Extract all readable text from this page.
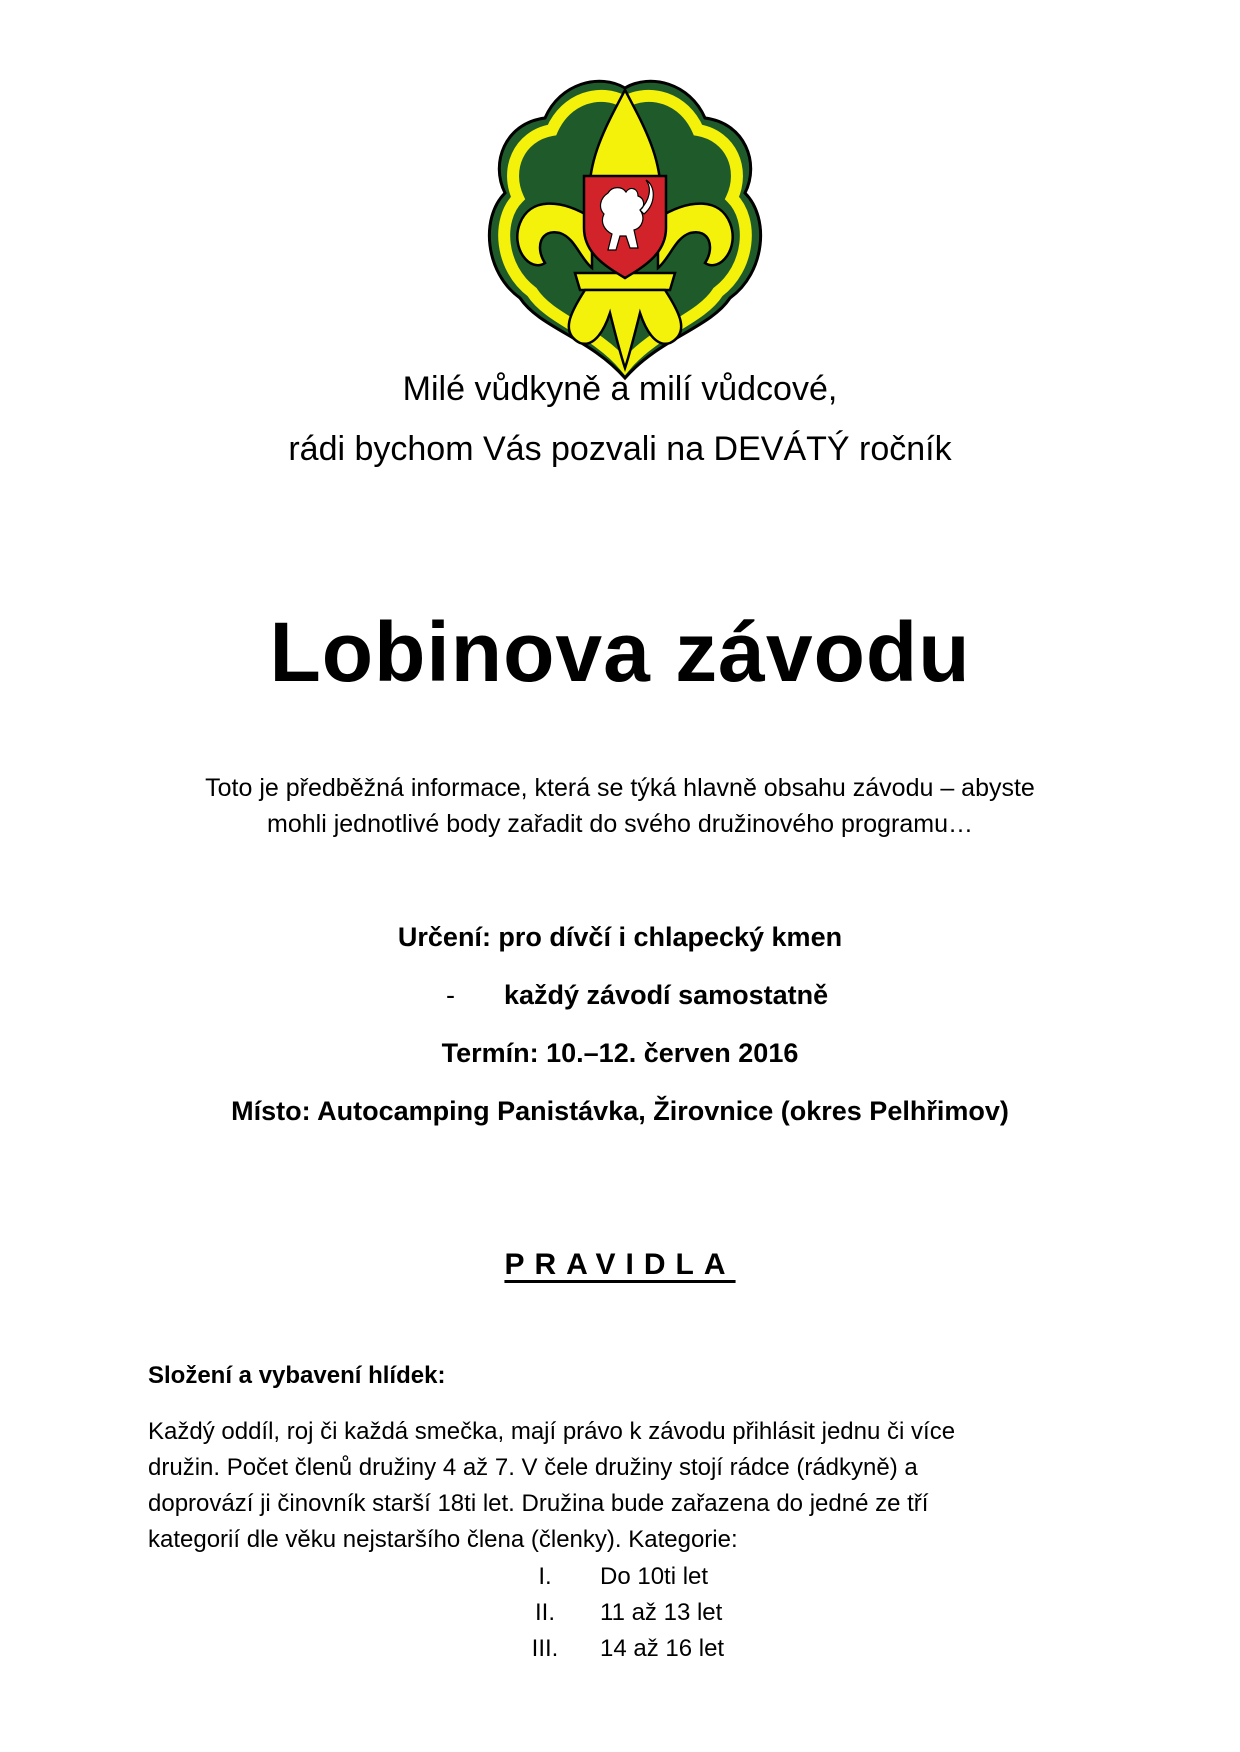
Milé vůdkyně a milí vůdcové,

rádi bychom Vás pozvali na DEVÁTÝ ročník

Lobinova závodu

Toto je předběžná informace, která se týká hlavně obsahu závodu – abyste

mohli jednotlivé body zařadit do svého družinového programu…

Určení: pro dívčí i chlapecký kmen

- každý závodí samostatně

Termín: 10.–12. červen 2016

Místo: Autocamping Panistávka, Žirovnice (okres Pelhřimov)

PRAVIDLA
Složení a vybavení hlídek:

Každý oddíl, roj či každá smečka, mají právo k závodu přihlásit jednu či více

družin. Počet členů družiny 4 až 7. V čele družiny stojí rádce (rádkyně) a

doprovází ji činovník starší 18ti let. Družina bude zařazena do jedné ze tří

kategorií dle věku nejstaršího člena (členky). Kategorie:

I. Do 10ti let
II. 11 až 13 let
III. 14 až 16 let
